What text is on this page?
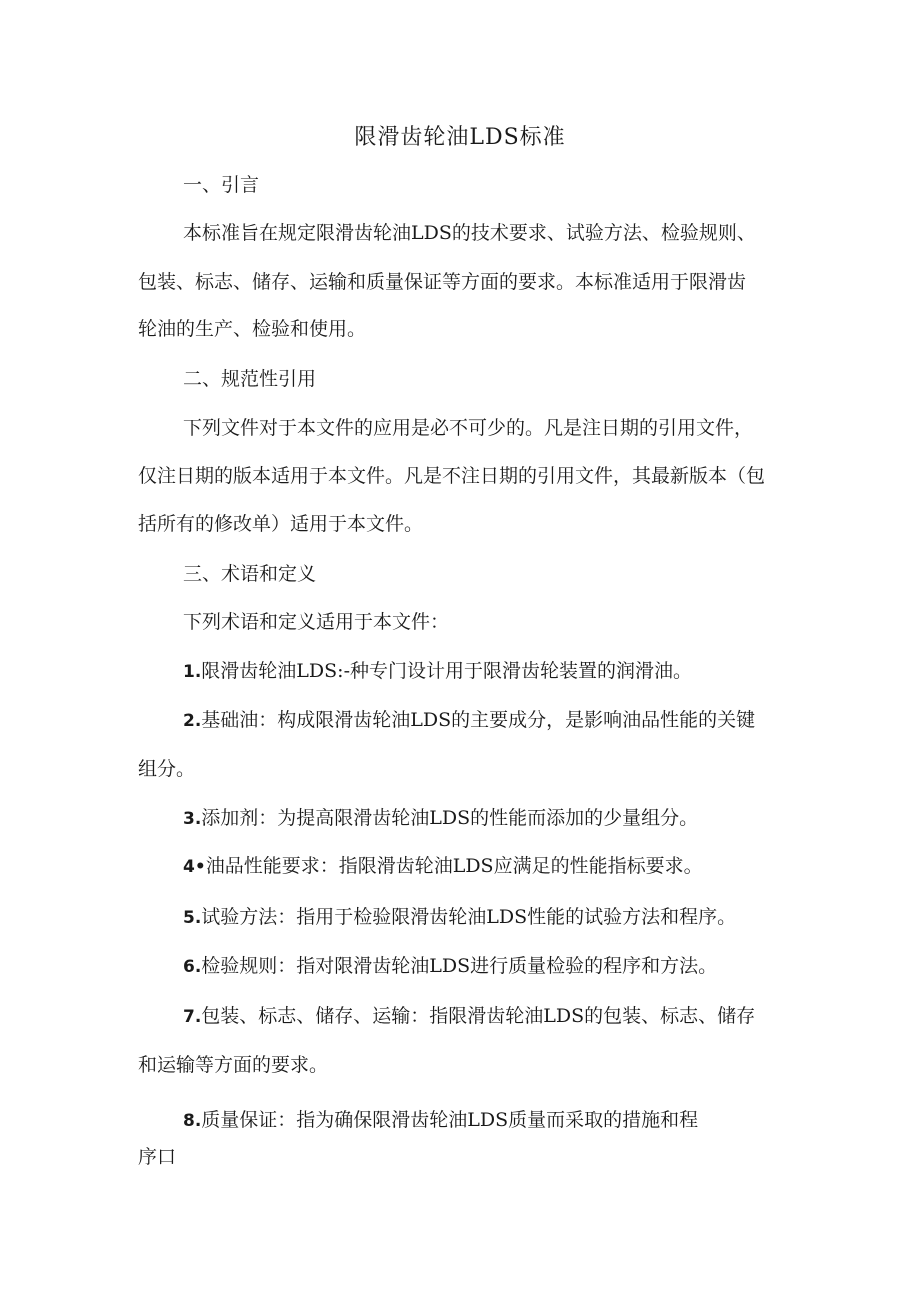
限滑齿轮油LDS标准
一、引言
本标准旨在规定限滑齿轮油LDS的技术要求、试验方法、检验规则、
包装、标志、储存、运输和质量保证等方面的要求。本标准适用于限滑齿
轮油的生产、检验和使用。
二、规范性引用
下列文件对于本文件的应用是必不可少的。凡是注日期的引用文件，
仅注日期的版本适用于本文件。凡是不注日期的引用文件，其最新版本（包
括所有的修改单）适用于本文件。
三、术语和定义
下列术语和定义适用于本文件：
1.限滑齿轮油LDS:-种专门设计用于限滑齿轮装置的润滑油。
2.基础油：构成限滑齿轮油LDS的主要成分，是影响油品性能的关键
组分。
3.添加剂：为提高限滑齿轮油LDS的性能而添加的少量组分。
4•油品性能要求：指限滑齿轮油LDS应满足的性能指标要求。
5.试验方法：指用于检验限滑齿轮油LDS性能的试验方法和程序。
6.检验规则：指对限滑齿轮油LDS进行质量检验的程序和方法。
7.包装、标志、储存、运输：指限滑齿轮油LDS的包装、标志、储存
和运输等方面的要求。
8.质量保证：指为确保限滑齿轮油LDS质量而采取的措施和程
序口
